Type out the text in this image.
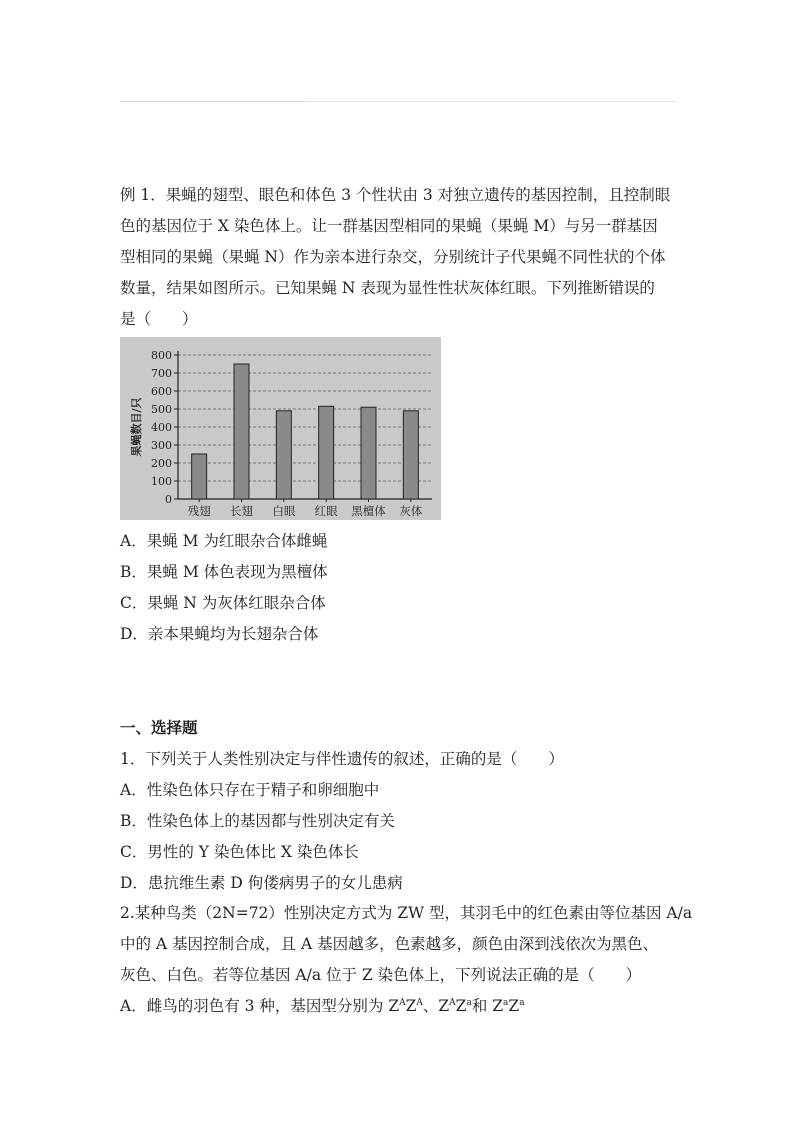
例 1．果蝇的翅型、眼色和体色 3 个性状由 3 对独立遗传的基因控制，且控制眼
色的基因位于 X 染色体上。让一群基因型相同的果蝇（果蝇 M）与另一群基因
型相同的果蝇（果蝇 N）作为亲本进行杂交，分别统计子代果蝇不同性状的个体
数量，结果如图所示。已知果蝇 N 表现为显性性状灰体红眼。下列推断错误的
是（　　）
0
100
200
300
400
500
600
700
800
果蝇数目/只
残翅 长翅 白眼 红眼 黑檀体 灰体
A．果蝇 M 为红眼杂合体雌蝇
B．果蝇 M 体色表现为黑檀体
C．果蝇 N 为灰体红眼杂合体
D．亲本果蝇均为长翅杂合体
一、选择题
1．下列关于人类性别决定与伴性遗传的叙述，正确的是（　　）
A．性染色体只存在于精子和卵细胞中
B．性染色体上的基因都与性别决定有关
C．男性的 Y 染色体比 X 染色体长
D．患抗维生素 D 佝偻病男子的女儿患病
2.某种鸟类（2N=72）性别决定方式为 ZW 型，其羽毛中的红色素由等位基因 A/a
中的 A 基因控制合成，且 A 基因越多，色素越多，颜色由深到浅依次为黑色、
灰色、白色。若等位基因 A/a 位于 Z 染色体上，下列说法正确的是（　　）
A．雌鸟的羽色有 3 种，基因型分别为 $Z^AZ^A$、$Z^AZ^a$和 $Z^aZ^a$
